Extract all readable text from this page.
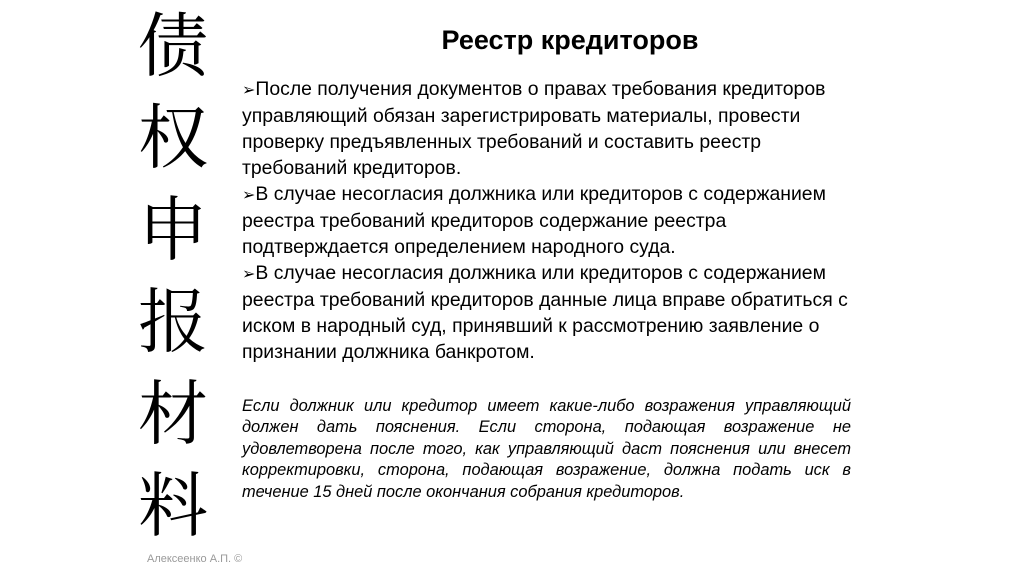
债
权
申
报
材
料
Реестр кредиторов

➢После получения документов о правах требования кредиторов управляющий обязан зарегистрировать материалы, провести проверку предъявленных требований и составить реестр требований кредиторов.

➢В случае несогласия должника или кредиторов с содержанием реестра требований кредиторов содержание реестра подтверждается определением народного суда.

➢В случае несогласия должника или кредиторов с содержанием реестра требований кредиторов данные лица вправе обратиться с иском в народный суд, принявший к рассмотрению заявление о признании должника банкротом.

Если должник или кредитор имеет какие-либо возражения управляющий должен дать пояснения. Если сторона, подающая возражение не удовлетворена после того, как управляющий даст пояснения или внесет корректировки, сторона, подающая возражение, должна подать иск в течение 15 дней после окончания собрания кредиторов.
Алексеенко А.П. ©
